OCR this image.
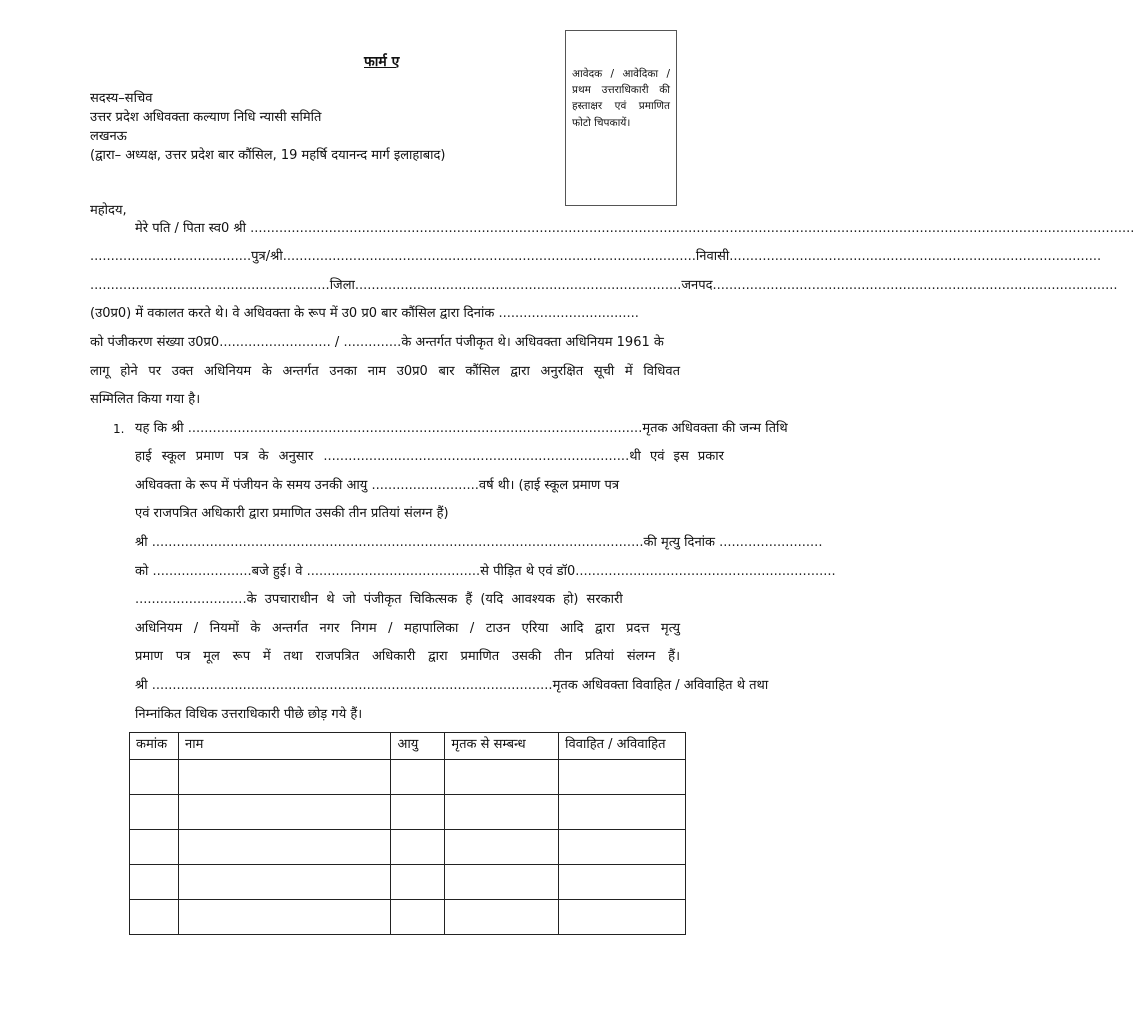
फार्म ए
आवेदक / आवेदिका / प्रथम उत्तराधिकारी की हस्ताक्षर एवं प्रमाणित फोटो चिपकायें।
सदस्य–सचिव
उत्तर प्रदेश अधिवक्ता कल्याण निधि न्यासी समिति
लखनऊ
(द्वारा– अध्यक्ष, उत्तर प्रदेश बार कौंसिल, 19 महर्षि दयानन्द मार्ग इलाहाबाद)
महोदय,
मेरे पति / पिता स्व0 श्री ......................................................................................................................................................................................................................
.......................................पुत्र/श्री....................................................................................................निवासी..........................................................................................
..........................................................जिला...............................................................................जनपद..................................................................................................
(उ0प्र0) में वकालत करते थे। वे अधिवक्ता के रूप में उ0 प्र0 बार कौंसिल द्वारा दिनांक ..................................
को पंजीकरण संख्या उ0प्र0........................... / ..............के अन्तर्गत पंजीकृत थे। अधिवक्ता अधिनियम 1961 के
लागू होने पर उक्त अधिनियम के अन्तर्गत उनका नाम उ0प्र0 बार कौंसिल द्वारा अनुरक्षित सूची में विधिवत
सम्मिलित किया गया है।
1. यह कि श्री ..............................................................................................................मृतक अधिवक्ता की जन्म तिथि
हाई स्कूल प्रमाण पत्र के अनुसार ..........................................................................थी एवं इस प्रकार
अधिवक्ता के रूप में पंजीयन के समय उनकी आयु ..........................वर्ष थी। (हाई स्कूल प्रमाण पत्र
एवं राजपत्रित अधिकारी द्वारा प्रमाणित उसकी तीन प्रतियां संलग्न हैं)
श्री .......................................................................................................................की मृत्यु दिनांक .........................
को ........................बजे हुई। वे ..........................................से पीड़ित थे एवं डॉ0...............................................................
...........................के उपचाराधीन थे जो पंजीकृत चिकित्सक हैं (यदि आवश्यक हो) सरकारी
अधिनियम / नियमों के अन्तर्गत नगर निगम / महापालिका / टाउन एरिया आदि द्वारा प्रदत्त मृत्यु
प्रमाण पत्र मूल रूप में तथा राजपत्रित अधिकारी द्वारा प्रमाणित उसकी तीन प्रतियां संलग्न हैं।
श्री .................................................................................................मृतक अधिवक्ता विवाहित / अविवाहित थे तथा
निम्नांकित विधिक उत्तराधिकारी पीछे छोड़ गये हैं।
कमांक	नाम	आयु	मृतक से सम्बन्ध	विवाहित / अविवाहित
